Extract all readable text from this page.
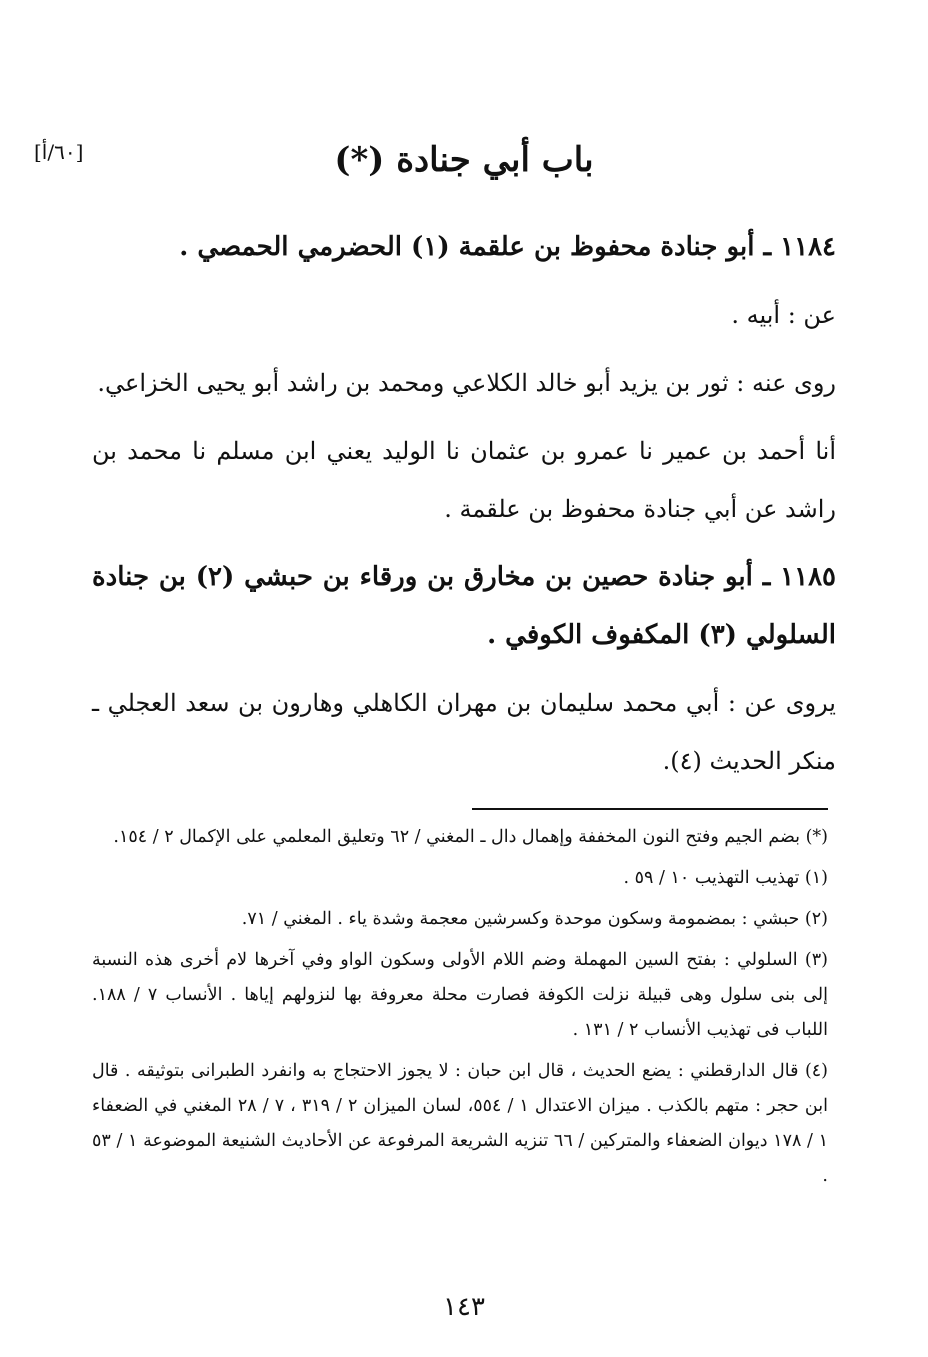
[٦٠/أ]	باب أبي جنادة (*)

١١٨٤ ـ أبو جنادة محفوظ بن علقمة (١) الحضرمي الحمصي .

عن : أبيه .

روى عنه : ثور بن يزيد أبو خالد الكلاعي ومحمد بن راشد أبو يحيى الخزاعي.

أنا أحمد بن عمير نا عمرو بن عثمان نا الوليد يعني ابن مسلم نا محمد بن راشد عن أبي جنادة محفوظ بن علقمة .

١١٨٥ ـ أبو جنادة حصين بن مخارق بن ورقاء بن حبشي (٢) بن جنادة السلولي (٣) المكفوف الكوفي .

يروى عن : أبي محمد سليمان بن مهران الكاهلي وهارون بن سعد العجلي ـ منكر الحديث (٤).

(*) بضم الجيم وفتح النون المخففة وإهمال دال ـ المغني / ٦٢ وتعليق المعلمي على الإكمال ٢ / ١٥٤.

(١) تهذيب التهذيب ١٠ / ٥٩ .

(٢) حبشي : بمضمومة وسكون موحدة وكسرشين معجمة وشدة ياء . المغني / ٧١.

(٣) السلولي : بفتح السين المهملة وضم اللام الأولى وسكون الواو وفي آخرها لام أخرى هذه النسبة إلى بنى سلول وهى قبيلة نزلت الكوفة فصارت محلة معروفة بها لنزولهم إياها . الأنساب ٧ / ١٨٨. اللباب فى تهذيب الأنساب ٢ / ١٣١ .

(٤) قال الدارقطني : يضع الحديث ، قال ابن حبان : لا يجوز الاحتجاج به وانفرد الطبرانى بتوثيقه . قال ابن حجر : متهم بالكذب . ميزان الاعتدال ١ / ٥٥٤، لسان الميزان ٢ / ٣١٩ ، ٧ / ٢٨ المغني في الضعفاء ١ / ١٧٨ ديوان الضعفاء والمتركين / ٦٦ تنزيه الشريعة المرفوعة عن الأحاديث الشنيعة الموضوعة ١ / ٥٣ .

١٤٣
